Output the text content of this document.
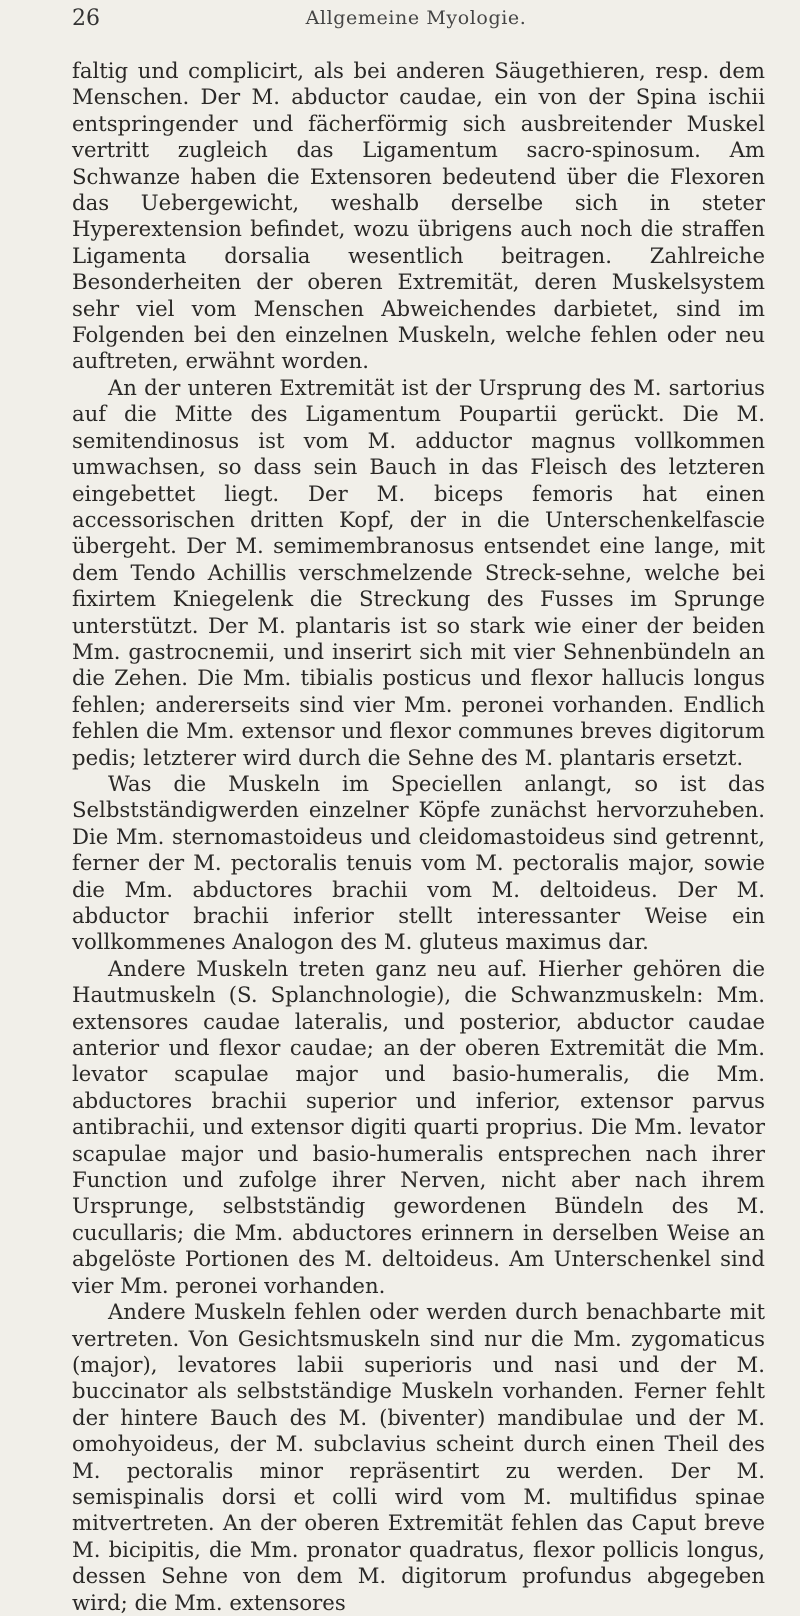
26	Allgemeine Myologie.

faltig und complicirt, als bei anderen Säugethieren, resp. dem Menschen. Der M. abductor caudae, ein von der Spina ischii entspringender und fächerförmig sich ausbreitender Muskel vertritt zugleich das Ligamentum sacro-spinosum. Am Schwanze haben die Extensoren bedeutend über die Flexoren das Uebergewicht, weshalb derselbe sich in steter Hyperextension befindet, wozu übrigens auch noch die straffen Ligamenta dorsalia wesentlich beitragen. Zahlreiche Besonderheiten der oberen Extremität, deren Muskelsystem sehr viel vom Menschen Abweichendes darbietet, sind im Folgenden bei den einzelnen Muskeln, welche fehlen oder neu auftreten, erwähnt worden.

An der unteren Extremität ist der Ursprung des M. sartorius auf die Mitte des Ligamentum Poupartii gerückt. Die M. semitendinosus ist vom M. adductor magnus vollkommen umwachsen, so dass sein Bauch in das Fleisch des letzteren eingebettet liegt. Der M. biceps femoris hat einen accessorischen dritten Kopf, der in die Unterschenkelfascie übergeht. Der M. semimembranosus entsendet eine lange, mit dem Tendo Achillis verschmelzende Streck-sehne, welche bei fixirtem Kniegelenk die Streckung des Fusses im Sprunge unterstützt. Der M. plantaris ist so stark wie einer der beiden Mm. gastrocnemii, und inserirt sich mit vier Sehnenbündeln an die Zehen. Die Mm. tibialis posticus und flexor hallucis longus fehlen; andererseits sind vier Mm. peronei vorhanden. Endlich fehlen die Mm. extensor und flexor communes breves digitorum pedis; letzterer wird durch die Sehne des M. plantaris ersetzt.

Was die Muskeln im Speciellen anlangt, so ist das Selbstständigwerden einzelner Köpfe zunächst hervorzuheben. Die Mm. sternomastoideus und cleidomastoideus sind getrennt, ferner der M. pectoralis tenuis vom M. pectoralis major, sowie die Mm. abductores brachii vom M. deltoideus. Der M. abductor brachii inferior stellt interessanter Weise ein vollkommenes Analogon des M. gluteus maximus dar.

Andere Muskeln treten ganz neu auf. Hierher gehören die Hautmuskeln (S. Splanchnologie), die Schwanzmuskeln: Mm. extensores caudae lateralis, und posterior, abductor caudae anterior und flexor caudae; an der oberen Extremität die Mm. levator scapulae major und basio-humeralis, die Mm. abductores brachii superior und inferior, extensor parvus antibrachii, und extensor digiti quarti proprius. Die Mm. levator scapulae major und basio-humeralis entsprechen nach ihrer Function und zufolge ihrer Nerven, nicht aber nach ihrem Ursprunge, selbstständig gewordenen Bündeln des M. cucullaris; die Mm. abductores erinnern in derselben Weise an abgelöste Portionen des M. deltoideus. Am Unterschenkel sind vier Mm. peronei vorhanden.

Andere Muskeln fehlen oder werden durch benachbarte mit vertreten. Von Gesichtsmuskeln sind nur die Mm. zygomaticus (major), levatores labii superioris und nasi und der M. buccinator als selbstständige Muskeln vorhanden. Ferner fehlt der hintere Bauch des M. (biventer) mandibulae und der M. omohyoideus, der M. subclavius scheint durch einen Theil des M. pectoralis minor repräsentirt zu werden. Der M. semispinalis dorsi et colli wird vom M. multifidus spinae mitvertreten. An der oberen Extremität fehlen das Caput breve M. bicipitis, die Mm. pronator quadratus, flexor pollicis longus, dessen Sehne von dem M. digitorum profundus abgegeben wird; die Mm. extensores
